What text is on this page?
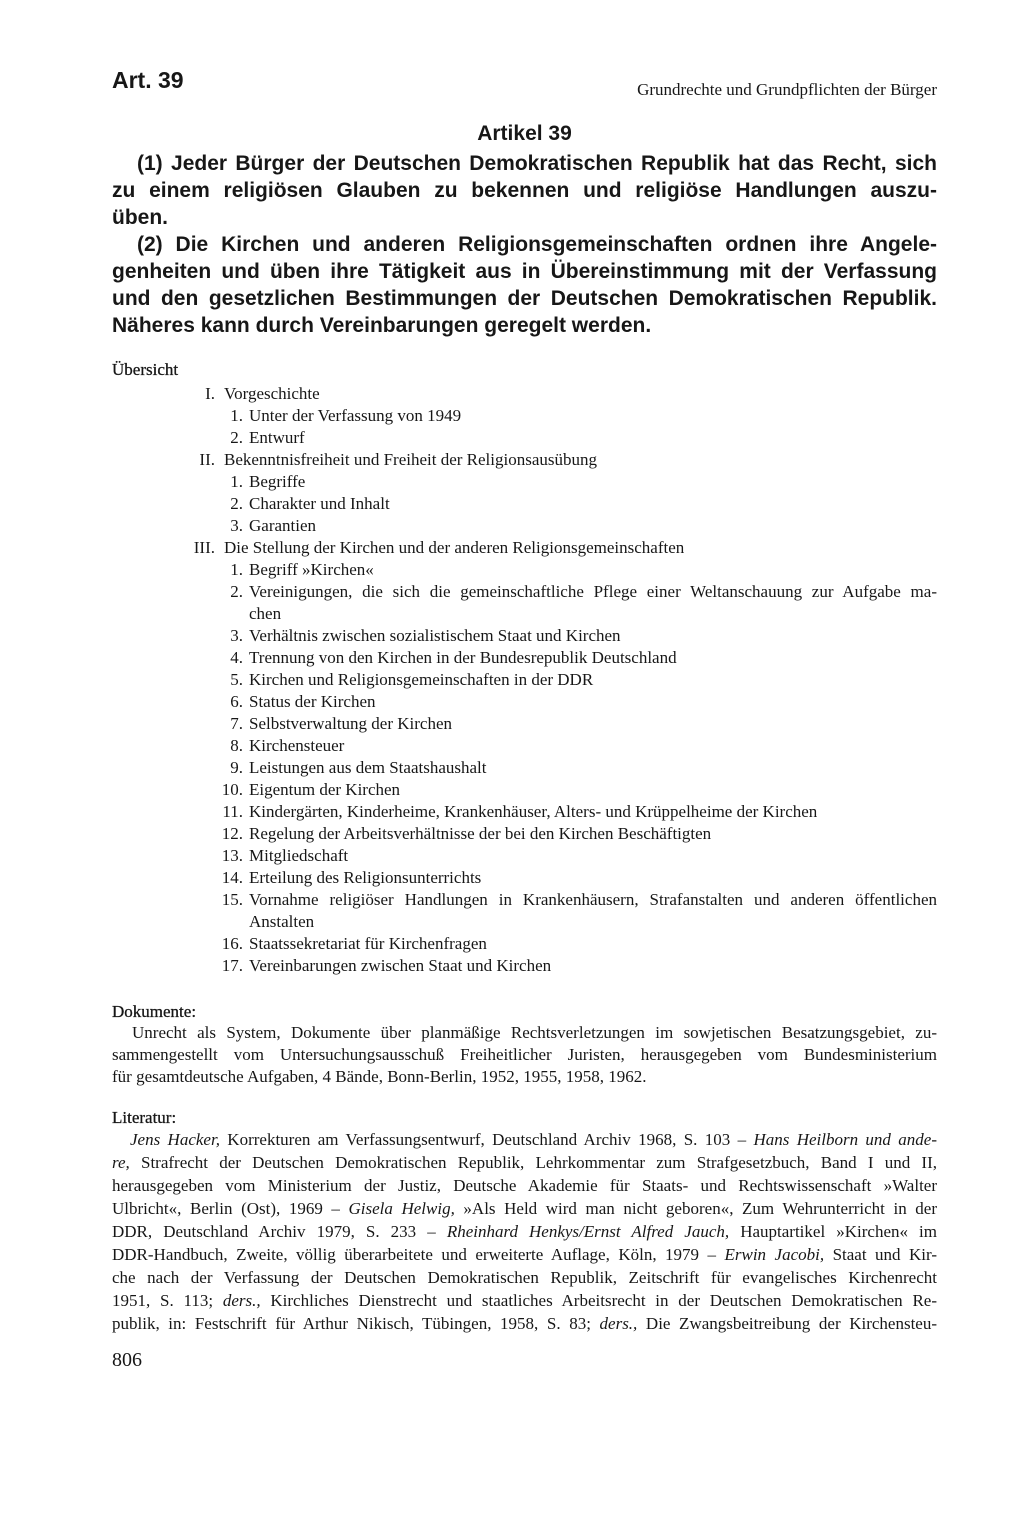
Art. 39	Grundrechte und Grundpflichten der Bürger
Artikel 39
(1) Jeder Bürger der Deutschen Demokratischen Republik hat das Recht, sich
zu einem religiösen Glauben zu bekennen und religiöse Handlungen auszu-
üben.
(2) Die Kirchen und anderen Religionsgemeinschaften ordnen ihre Angele-
genheiten und üben ihre Tätigkeit aus in Übereinstimmung mit der Verfassung
und den gesetzlichen Bestimmungen der Deutschen Demokratischen Republik.
Näheres kann durch Vereinbarungen geregelt werden.
Übersicht
I. Vorgeschichte
1. Unter der Verfassung von 1949
2. Entwurf
II. Bekenntnisfreiheit und Freiheit der Religionsausübung
1. Begriffe
2. Charakter und Inhalt
3. Garantien
III. Die Stellung der Kirchen und der anderen Religionsgemeinschaften
1. Begriff »Kirchen«
2. Vereinigungen, die sich die gemeinschaftliche Pflege einer Weltanschauung zur Aufgabe ma-
chen
3. Verhältnis zwischen sozialistischem Staat und Kirchen
4. Trennung von den Kirchen in der Bundesrepublik Deutschland
5. Kirchen und Religionsgemeinschaften in der DDR
6. Status der Kirchen
7. Selbstverwaltung der Kirchen
8. Kirchensteuer
9. Leistungen aus dem Staatshaushalt
10. Eigentum der Kirchen
11. Kindergärten, Kinderheime, Krankenhäuser, Alters- und Krüppelheime der Kirchen
12. Regelung der Arbeitsverhältnisse der bei den Kirchen Beschäftigten
13. Mitgliedschaft
14. Erteilung des Religionsunterrichts
15. Vornahme religiöser Handlungen in Krankenhäusern, Strafanstalten und anderen öffentlichen
Anstalten
16. Staatssekretariat für Kirchenfragen
17. Vereinbarungen zwischen Staat und Kirchen
Dokumente:
Unrecht als System, Dokumente über planmäßige Rechtsverletzungen im sowjetischen Besatzungsgebiet, zu-
sammengestellt vom Untersuchungsausschuß Freiheitlicher Juristen, herausgegeben vom Bundesministerium
für gesamtdeutsche Aufgaben, 4 Bände, Bonn-Berlin, 1952, 1955, 1958, 1962.
Literatur:
Jens Hacker, Korrekturen am Verfassungsentwurf, Deutschland Archiv 1968, S. 103 – Hans Heilborn und ande-
re, Strafrecht der Deutschen Demokratischen Republik, Lehrkommentar zum Strafgesetzbuch, Band I und II,
herausgegeben vom Ministerium der Justiz, Deutsche Akademie für Staats- und Rechtswissenschaft »Walter
Ulbricht«, Berlin (Ost), 1969 – Gisela Helwig, »Als Held wird man nicht geboren«, Zum Wehrunterricht in der
DDR, Deutschland Archiv 1979, S. 233 – Rheinhard Henkys/Ernst Alfred Jauch, Hauptartikel »Kirchen« im
DDR-Handbuch, Zweite, völlig überarbeitete und erweiterte Auflage, Köln, 1979 – Erwin Jacobi, Staat und Kir-
che nach der Verfassung der Deutschen Demokratischen Republik, Zeitschrift für evangelisches Kirchenrecht
1951, S. 113; ders., Kirchliches Dienstrecht und staatliches Arbeitsrecht in der Deutschen Demokratischen Re-
publik, in: Festschrift für Arthur Nikisch, Tübingen, 1958, S. 83; ders., Die Zwangsbeitreibung der Kirchensteu-
806
